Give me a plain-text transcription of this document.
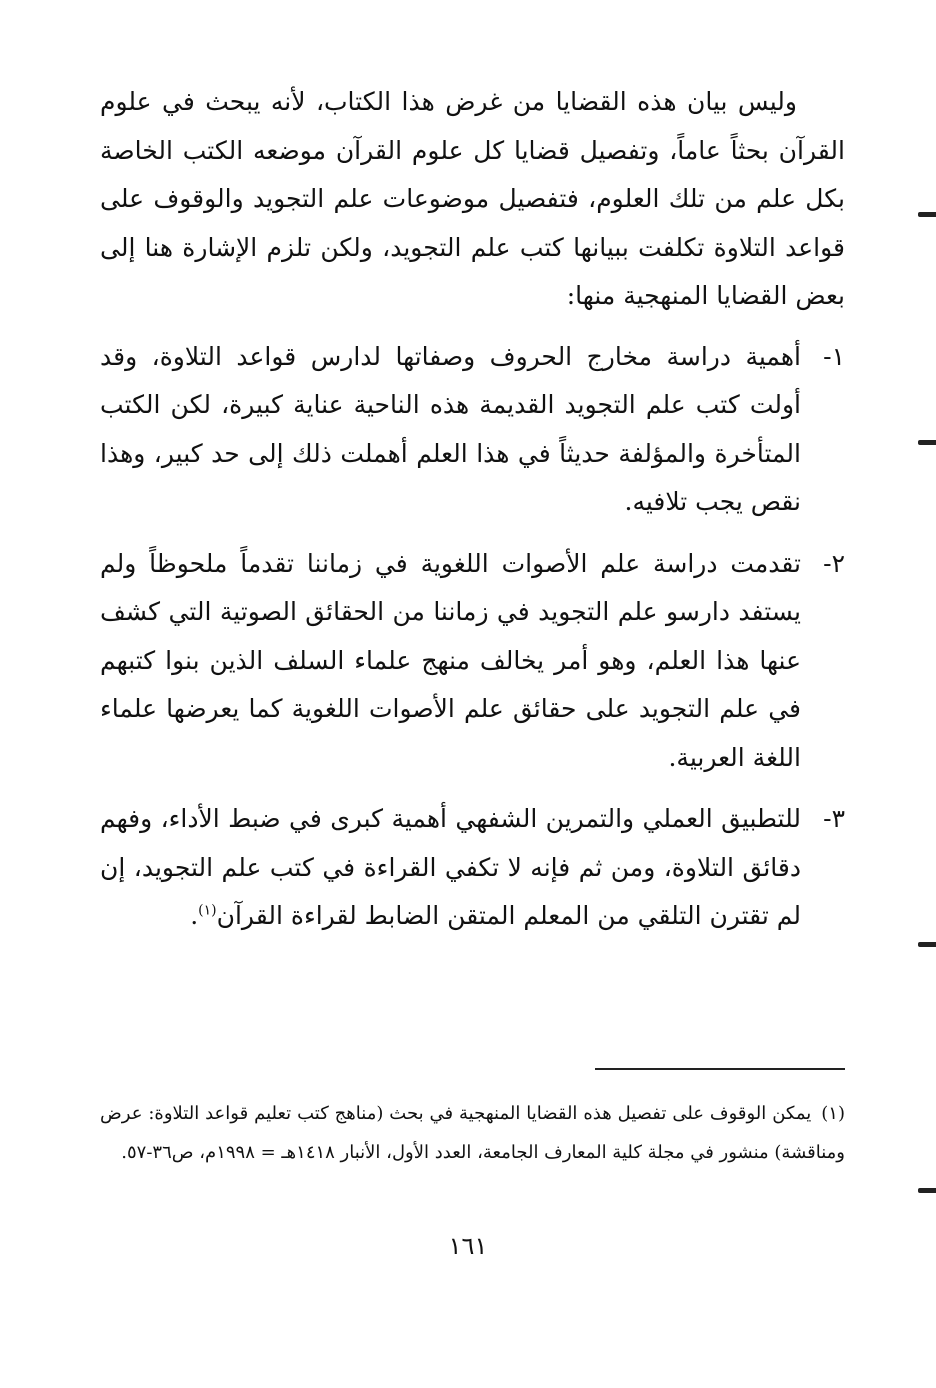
وليس بيان هذه القضايا من غرض هذا الكتاب، لأنه يبحث في علوم القرآن بحثاً عاماً، وتفصيل قضايا كل علوم القرآن موضعه الكتب الخاصة بكل علم من تلك العلوم، فتفصيل موضوعات علم التجويد والوقوف على قواعد التلاوة تكلفت ببيانها كتب علم التجويد، ولكن تلزم الإشارة هنا إلى بعض القضايا المنهجية منها:

١-
أهمية دراسة مخارج الحروف وصفاتها لدارس قواعد التلاوة، وقد أولت كتب علم التجويد القديمة هذه الناحية عناية كبيرة، لكن الكتب المتأخرة والمؤلفة حديثاً في هذا العلم أهملت ذلك إلى حد كبير، وهذا نقص يجب تلافيه.
٢-
تقدمت دراسة علم الأصوات اللغوية في زماننا تقدماً ملحوظاً ولم يستفد دارسو علم التجويد في زماننا من الحقائق الصوتية التي كشف عنها هذا العلم، وهو أمر يخالف منهج علماء السلف الذين بنوا كتبهم في علم التجويد على حقائق علم الأصوات اللغوية كما يعرضها علماء اللغة العربية.
٣-
للتطبيق العملي والتمرين الشفهي أهمية كبرى في ضبط الأداء، وفهم دقائق التلاوة، ومن ثم فإنه لا تكفي القراءة في كتب علم التجويد، إن لم تقترن التلقي من المعلم المتقن الضابط لقراءة القرآن$^{(١)}$.
(١)يمكن الوقوف على تفصيل هذه القضايا المنهجية في بحث (مناهج كتب تعليم قواعد التلاوة: عرض ومناقشة) منشور في مجلة كلية المعارف الجامعة، العدد الأول، الأنبار ١٤١٨هـ = ١٩٩٨م، ص٣٦-٥٧.
١٦١
